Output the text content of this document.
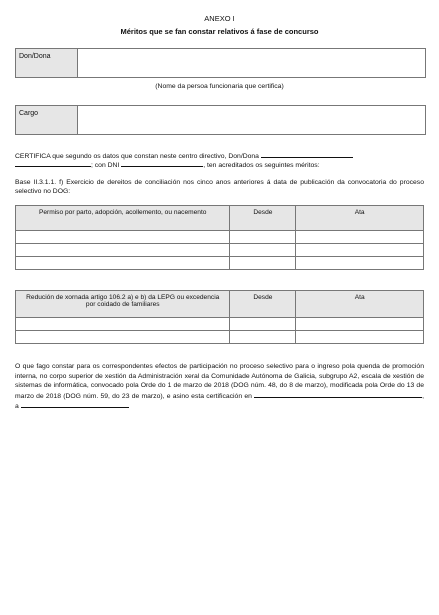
ANEXO I
Méritos que se fan constar relativos á fase de concurso
Don/Dona
(Nome da persoa funcionaria que certifica)
Cargo
CERTIFICA que segundo os datos que constan neste centro directivo, Don/Dona
; con DNI	, ten acreditados os seguintes méritos:
Base II.3.1.1. f) Exercicio de dereitos de conciliación nos cinco anos anteriores á data de publicación da convocatoria do proceso selectivo no DOG:
Permiso por parto, adopción, acollemento, ou nacemento	Desde	Ata

Redución de xornada artigo 106.2 a) e b) da LEPG ou excedencia por coidado de familiares	Desde	Ata

O que fago constar para os correspondentes efectos de participación no proceso selectivo para o ingreso pola quenda de promoción interna, no corpo superior de xestión da Administración xeral da Comunidade Autónoma de Galicia, subgrupo A2, escala de xestión de sistemas de informática, convocado pola Orde do 1 de marzo de 2018 (DOG núm. 48, do 8 de marzo), modificada pola Orde do 13 de marzo de 2018 (DOG núm. 59, do 23 de marzo), e asino esta certificación en	, a
